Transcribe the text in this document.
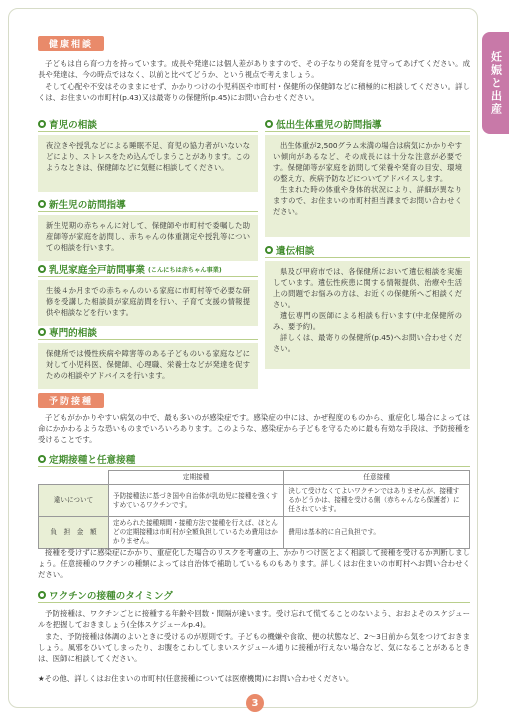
妊娠と出産
健康相談
子どもは自ら育つ力を持っています。成長や発達には個人差がありますので、その子なりの発育を見守ってあげてください。成長や発達は、今の時点ではなく、以前と比べてどうか、という視点で考えましょう。
そして心配や不安はそのままにせず、かかりつけの小児科医や市町村・保健所の保健師などに積極的に相談してください。詳しくは、お住まいの市町村(p.43)又は最寄りの保健所(p.45)にお問い合わせください。
育児の相談
夜泣きや授乳などによる睡眠不足、育児の協力者がいないなどにより、ストレスをため込んでしまうことがあります。このようなときは、保健師などに気軽に相談してください。
新生児の訪問指導
新生児期の赤ちゃんに対して、保健師や市町村で委嘱した助産師等が家庭を訪問し、赤ちゃんの体重測定や授乳等についての相談を行います。
乳児家庭全戸訪問事業 (こんにちは赤ちゃん事業)
生後４か月までの赤ちゃんのいる家庭に市町村等で必要な研修を受講した相談員が家庭訪問を行い、子育て支援の情報提供や相談などを行います。
専門的相談
保健所では慢性疾病や障害等のある子どものいる家庭などに対して小児科医、保健師、心理職、栄養士などが発達を促すための相談やアドバイスを行います。
低出生体重児の訪問指導
出生体重が2,500グラム未満の場合は病気にかかりやすい傾向があるなど、その成長には十分な注意が必要です。保健師等が家庭を訪問して栄養や発育の目安、環境の整え方、疾病予防などについてアドバイスします。
生まれた時の体重や身体的状況により、詳細が異なりますので、お住まいの市町村担当課までお問い合わせください。
遺伝相談
県及び甲府市では、各保健所において遺伝相談を実施しています。遺伝性疾患に関する情報提供、治療や生活上の問題でお悩みの方は、お近くの保健所へご相談ください。
遺伝専門の医師による相談も行います(中北保健所のみ、要予約)。
詳しくは、最寄りの保健所(p.45)へお問い合わせください。
予防接種
子どもがかかりやすい病気の中で、最も多いのが感染症です。感染症の中には、かぜ程度のものから、重症化し場合によっては命にかかわるような恐いものまでいろいろあります。このような、感染症から子どもを守るために最も有効な手段は、予防接種を受けることです。
定期接種と任意接種
	定期接種	任意接種
違いについて	予防接種法に基づき国や自治体が乳幼児に接種を強くすすめているワクチンです。	決して受けなくてよいワクチンではありませんが、接種するかどうかは、接種を受ける側（赤ちゃんなら保護者）に任されています。
負　担　金　額	定められた接種期間・接種方法で接種を行えば、ほとんどの定期接種は市町村が全額負担しているため費用はかかりません。	費用は基本的に自己負担です。
接種を受けずに感染症にかかり、重症化した場合のリスクを考慮の上、かかりつけ医とよく相談して接種を受けるか判断しましょう。任意接種のワクチンの種類によっては自治体で補助しているものもあります。詳しくはお住まいの市町村へお問い合わせください。
ワクチンの接種のタイミング
予防接種は、ワクチンごとに接種する年齢や回数・間隔が違います。受け忘れて慌てることのないよう、おおよそのスケジュールを把握しておきましょう(全体スケジュールp.4)。
また、予防接種は体調のよいときに受けるのが原則です。子どもの機嫌や食欲、便の状態など、2～3日前から気をつけておきましょう。風邪をひいてしまったり、お腹をこわしてしまいスケジュール通りに接種が行えない場合など、気になることがあるときは、医師に相談してください。
★その他、詳しくはお住まいの市町村(任意接種については医療機関)にお問い合わせください。
3
